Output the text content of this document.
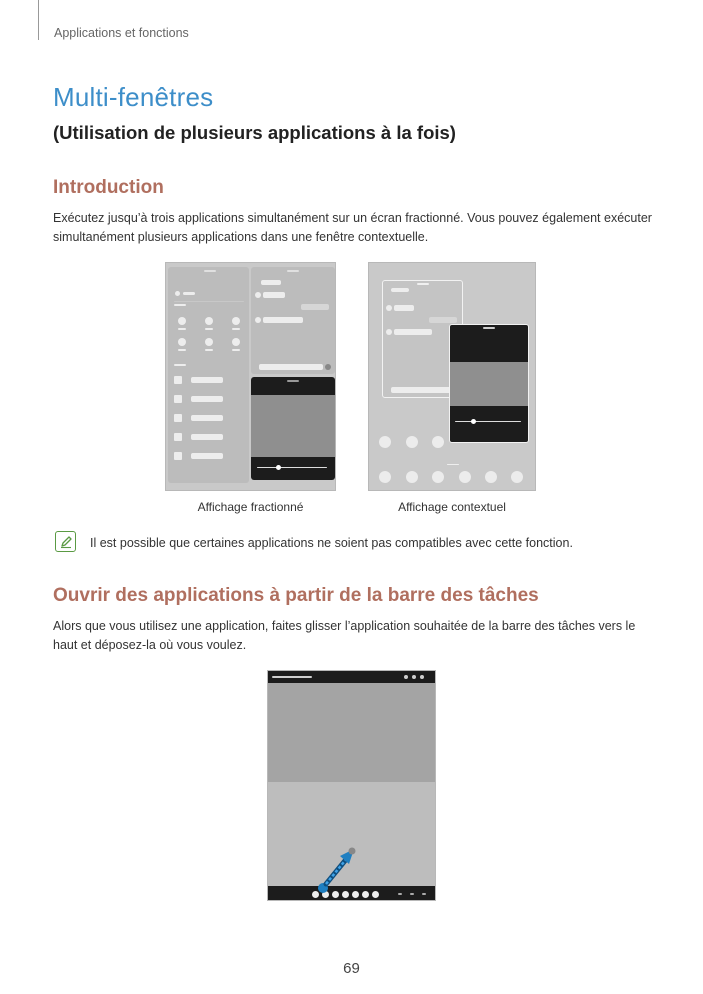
Applications et fonctions
Multi-fenêtres
(Utilisation de plusieurs applications à la fois)
Introduction

Exécutez jusqu’à trois applications simultanément sur un écran fractionné. Vous pouvez également exécuter simultanément plusieurs applications dans une fenêtre contextuelle.

Affichage fractionné	Affichage contextuel
Il est possible que certaines applications ne soient pas compatibles avec cette fonction.
Ouvrir des applications à partir de la barre des tâches

Alors que vous utilisez une application, faites glisser l’application souhaitée de la barre des tâches vers le haut et déposez-la où vous voulez.

69
